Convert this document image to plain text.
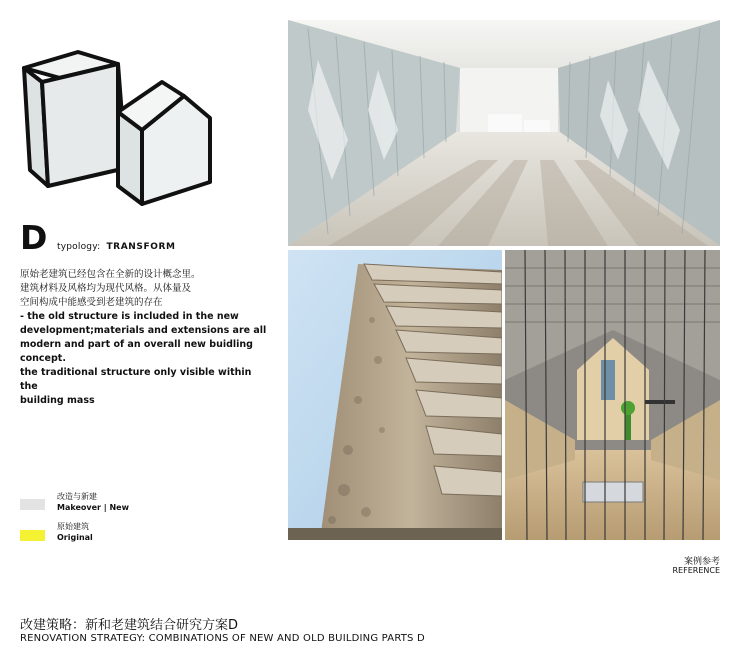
D typology: TRANSFORM
原始老建筑已经包含在全新的设计概念里。
建筑材料及风格均为现代风格。从体量及
空间构成中能感受到老建筑的存在
- the old structure is included in the new
development;materials and extensions are all
modern and part of an overall new buidling concept.
the traditional structure only visible within the
building mass
改造与新建
Makeover | New
原始建筑
Original
案例参考
REFERENCE
改建策略：新和老建筑结合研究方案D
RENOVATION STRATEGY: COMBINATIONS OF NEW AND OLD BUILDING PARTS D
